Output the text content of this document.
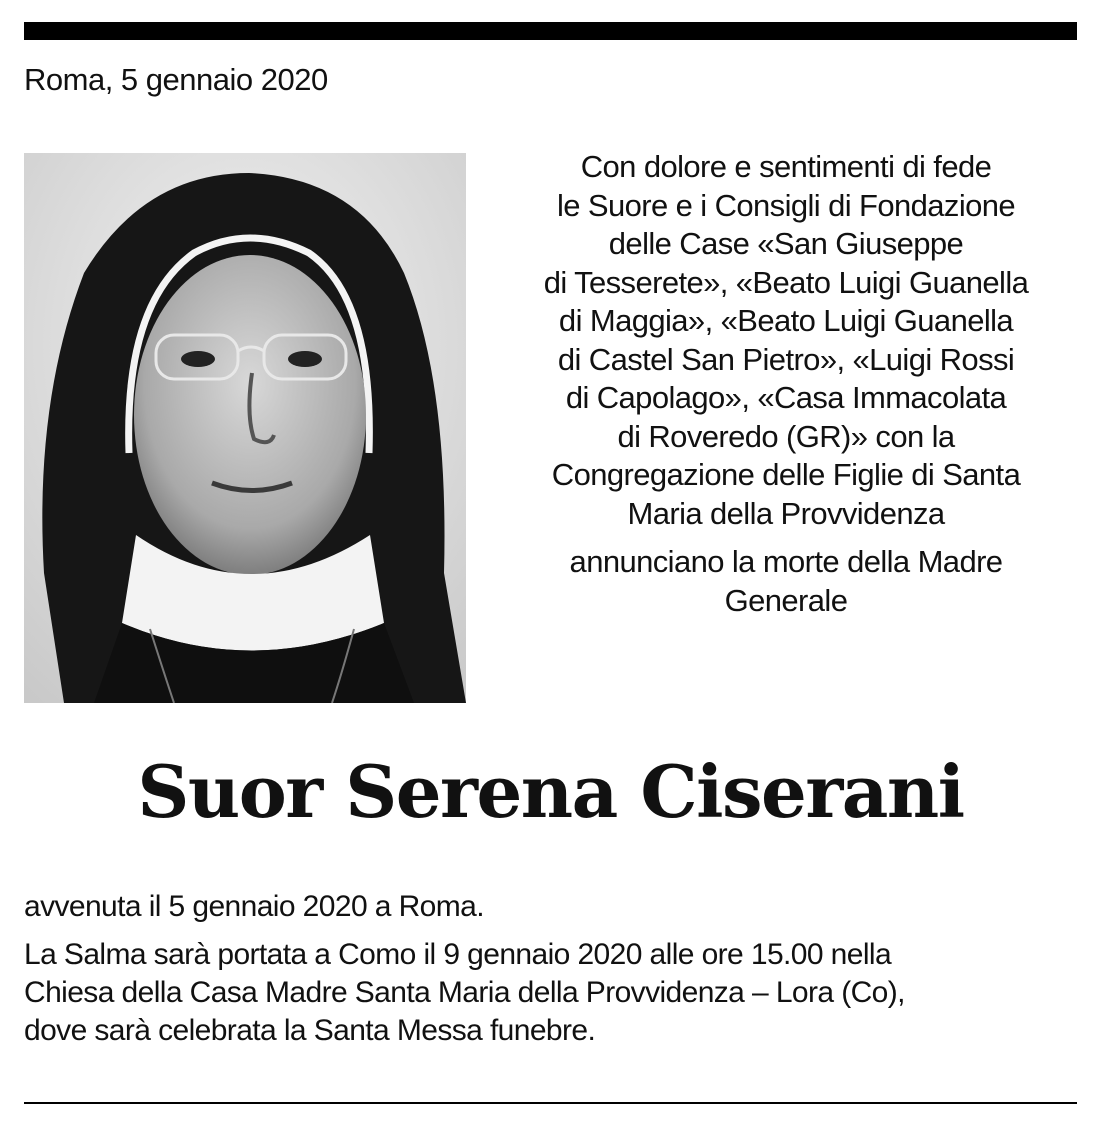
Roma, 5 gennaio 2020

Con dolore e sentimenti di fede

le Suore e i Consigli di Fondazione

delle Case «San Giuseppe

di Tesserete», «Beato Luigi Guanella

di Maggia», «Beato Luigi Guanella

di Castel San Pietro», «Luigi Rossi

di Capolago», «Casa Immacolata

di Roveredo (GR)» con la

Congregazione delle Figlie di Santa

Maria della Provvidenza

annunciano la morte della Madre

Generale

Suor Serena Ciserani

avvenuta il 5 gennaio 2020 a Roma.

La Salma sarà portata a Como il 9 gennaio 2020 alle ore 15.00 nella

Chiesa della Casa Madre Santa Maria della Provvidenza – Lora (Co),

dove sarà celebrata la Santa Messa funebre.
